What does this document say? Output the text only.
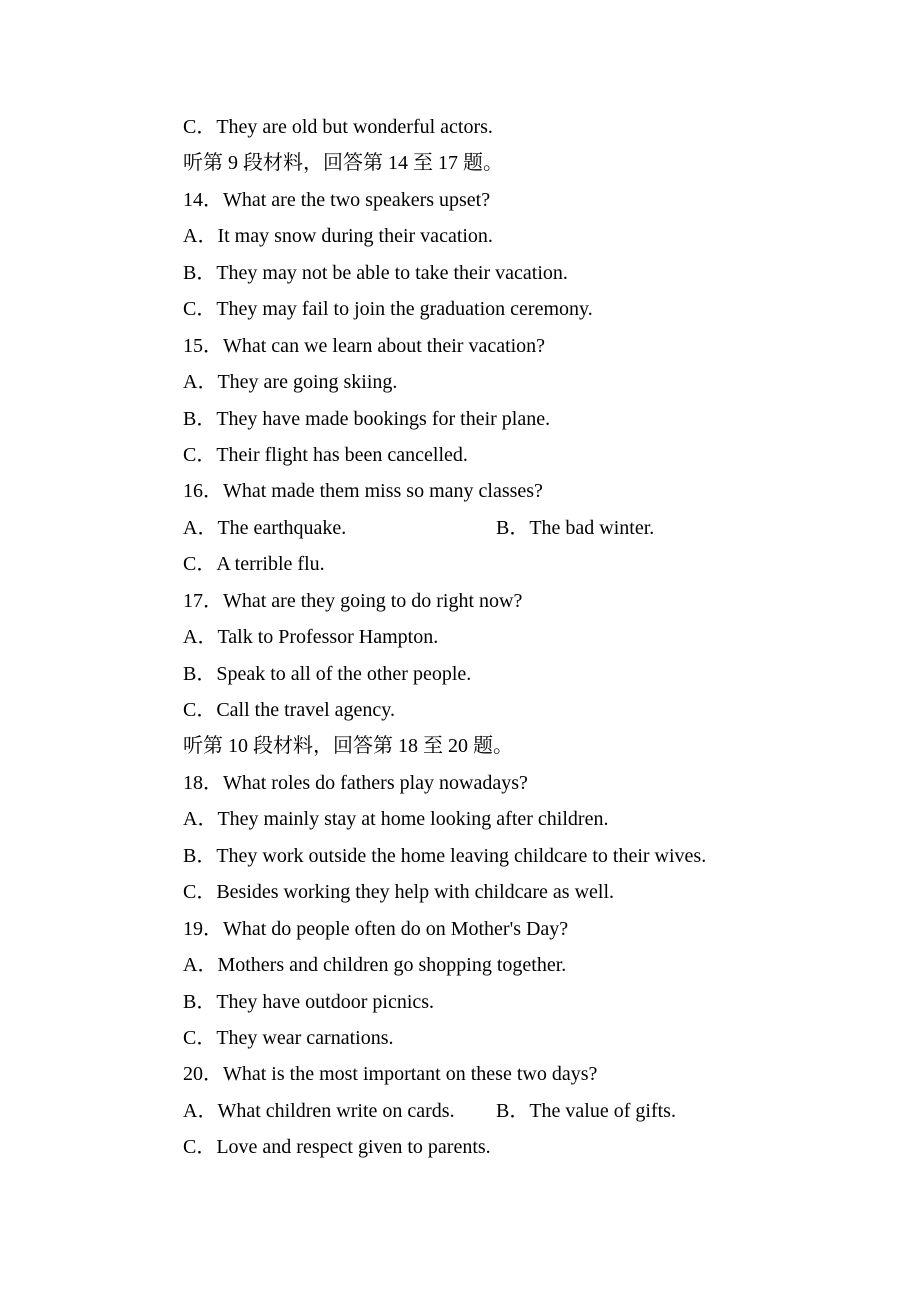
C．They are old but wonderful actors.
听第 9 段材料，回答第 14 至 17 题。
14．What are the two speakers upset?
A．It may snow during their vacation.
B．They may not be able to take their vacation.
C．They may fail to join the graduation ceremony.
15．What can we learn about their vacation?
A．They are going skiing.
B．They have made bookings for their plane.
C．Their flight has been cancelled.
16．What made them miss so many classes?
A．The earthquake.	B．The bad winter.
C．A terrible flu.
17．What are they going to do right now?
A．Talk to Professor Hampton.
B．Speak to all of the other people.
C．Call the travel agency.
听第 10 段材料，回答第 18 至 20 题。
18．What roles do fathers play nowadays?
A．They mainly stay at home looking after children.
B．They work outside the home leaving childcare to their wives.
C．Besides working they help with childcare as well.
19．What do people often do on Mother's Day?
A．Mothers and children go shopping together.
B．They have outdoor picnics.
C．They wear carnations.
20．What is the most important on these two days?
A．What children write on cards. B．The value of gifts.
C．Love and respect given to parents.
